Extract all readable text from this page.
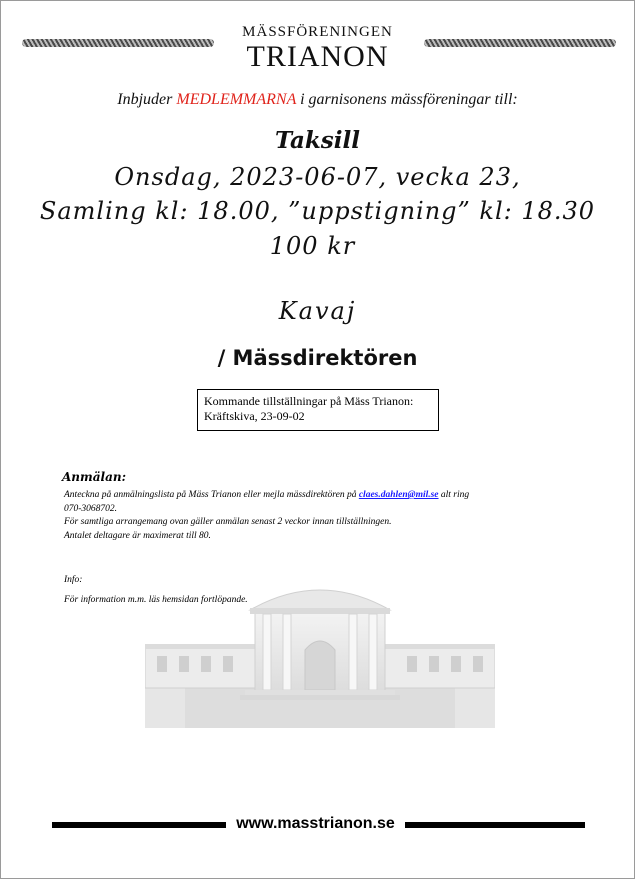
MÄSSFÖRENINGEN
TRIANON
Inbjuder MEDLEMMARNA i garnisonens mässföreningar till:
Taksill
Onsdag, 2023-06-07, vecka 23,
Samling kl: 18.00, ”uppstigning” kl: 18.30
100 kr
Kavaj
/ Mässdirektören
Kommande tillställningar på Mäss Trianon:
Kräftskiva, 23-09-02
Anmälan:
Anteckna på anmälningslista på Mäss Trianon eller mejla mässdirektören på claes.dahlen@mil.se alt ring
070-3068702.
För samtliga arrangemang ovan gäller anmälan senast 2 veckor innan tillställningen.
Antalet deltagare är maximerat till 80.
Info:
För information m.m. läs hemsidan fortlöpande.
www.masstrianon.se
